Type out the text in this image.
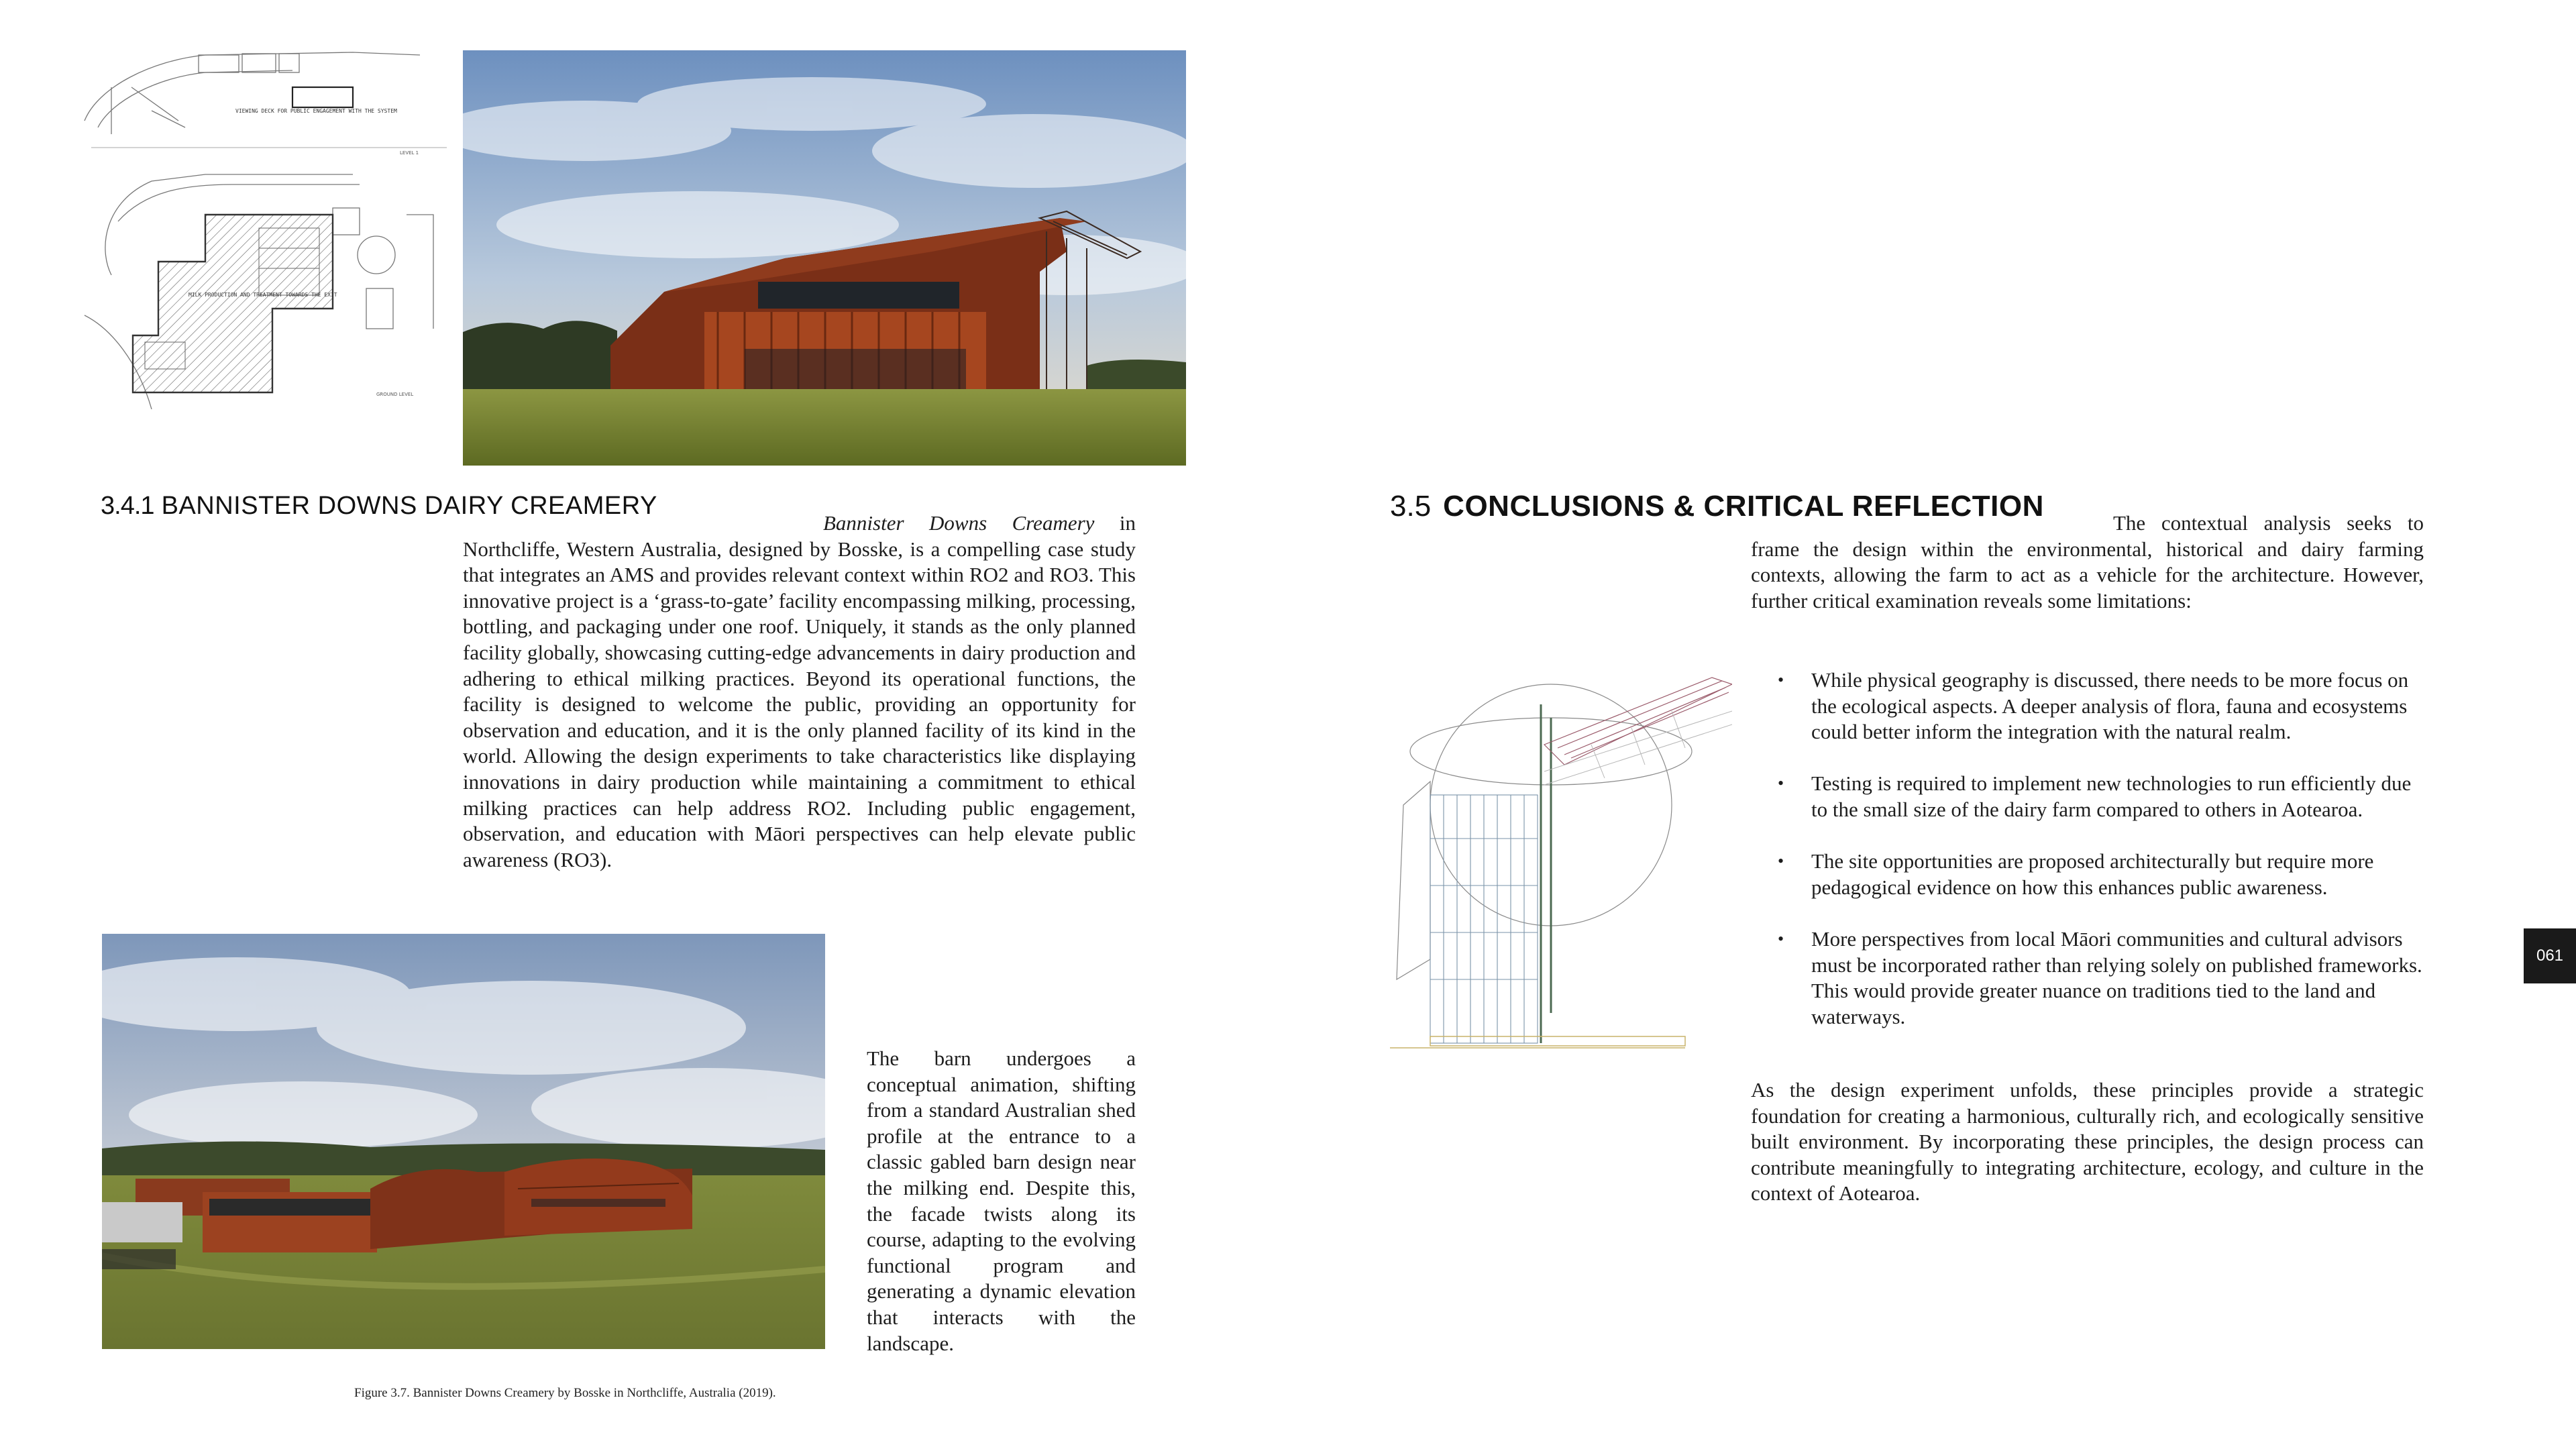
VIEWING DECK FOR PUBLIC ENGAGEMENT WITH THE SYSTEM
LEVEL 1
MILK PRODUCTION AND TREATMENT TOWARDS THE EXIT
GROUND LEVEL
3.4.1 BANNISTER DOWNS DAIRY CREAMERY
Bannister Downs Creamery in Northcliffe, Western Australia, designed by Bosske, is a compelling case study that integrates an AMS and provides relevant context within RO2 and RO3. This innovative project is a ‘grass-to-gate’ facility encompassing milking, processing, bottling, and packaging under one roof. Uniquely, it stands as the only planned facility globally, showcasing cutting-edge advancements in dairy production and adhering to ethical milking practices. Beyond its operational functions, the facility is designed to welcome the public, providing an opportunity for observation and education, and it is the only planned facility of its kind in the world. Allowing the design experiments to take characteristics like displaying innovations in dairy production while maintaining a commitment to ethical milking practices can help address RO2. Including public engagement, observation, and education with Māori perspectives can help elevate public awareness (RO3).
The barn undergoes a conceptual animation, shifting from a standard Australian shed profile at the entrance to a classic gabled barn design near the milking end. Despite this, the facade twists along its course, adapting to the evolving functional program and generating a dynamic elevation that interacts with the landscape.
Figure 3.7. Bannister Downs Creamery by Bosske in Northcliffe, Australia (2019).
3.5 CONCLUSIONS & CRITICAL REFLECTION
The contextual analysis seeks to frame the design within the environmental, historical and dairy farming contexts, allowing the farm to act as a vehicle for the architecture. However, further critical examination reveals some limitations:
• While physical geography is discussed, there needs to be more focus on the ecological aspects. A deeper analysis of flora, fauna and ecosystems could better inform the integration with the natural realm.
• Testing is required to implement new technologies to run efficiently due to the small size of the dairy farm compared to others in Aotearoa.
• The site opportunities are proposed architecturally but require more pedagogical evidence on how this enhances public awareness.
• More perspectives from local Māori communities and cultural advisors must be incorporated rather than relying solely on published frameworks. This would provide greater nuance on traditions tied to the land and waterways.
As the design experiment unfolds, these principles provide a strategic foundation for creating a harmonious, culturally rich, and ecologically sensitive built environment. By incorporating these principles, the design process can contribute meaningfully to integrating architecture, ecology, and culture in the context of Aotearoa.
061
